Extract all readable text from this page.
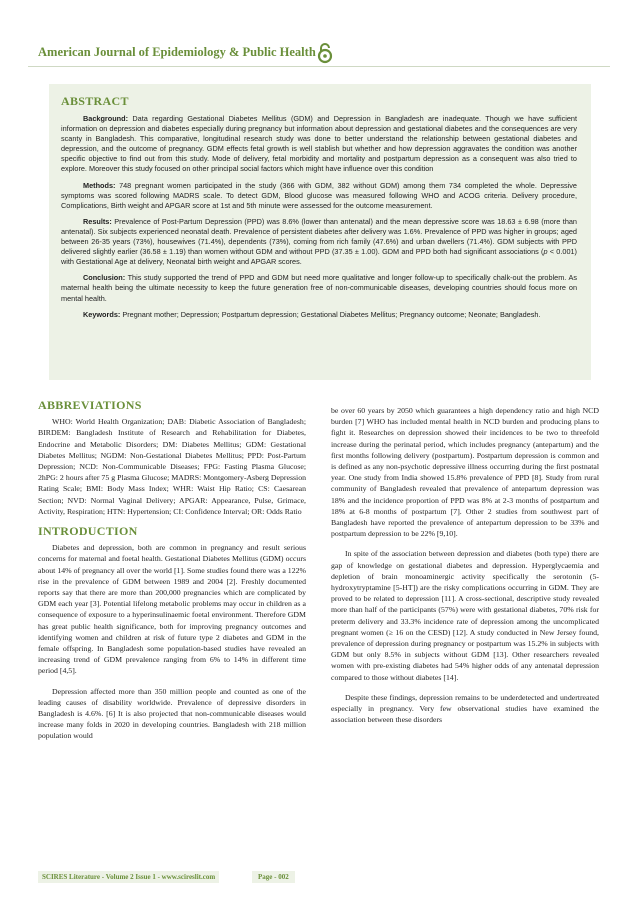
American Journal of Epidemiology & Public Health
ABSTRACT

Background: Data regarding Gestational Diabetes Mellitus (GDM) and Depression in Bangladesh are inadequate. Though we have sufficient information on depression and diabetes especially during pregnancy but information about depression and gestational diabetes and the consequences are very scanty in Bangladesh. This comparative, longitudinal research study was done to better understand the relationship between gestational diabetes and depression, and the outcome of pregnancy. GDM effects fetal growth is well stablish but whether and how depression aggravates the condition was another specific objective to find out from this study. Mode of delivery, fetal morbidity and mortality and postpartum depression as a consequent was also tried to explore. Moreover this study focused on other principal social factors which might have influence over this condition

Methods: 748 pregnant women participated in the study (366 with GDM, 382 without GDM) among them 734 completed the whole. Depressive symptoms was scored following MADRS scale. To detect GDM, Blood glucose was measured following WHO and ACOG criteria. Delivery procedure, Complications, Birth weight and APGAR score at 1st and 5th minute were assessed for the outcome measurement.

Results: Prevalence of Post-Partum Depression (PPD) was 8.6% (lower than antenatal) and the mean depressive score was 18.63 ± 6.98 (more than antenatal). Six subjects experienced neonatal death. Prevalence of persistent diabetes after delivery was 1.6%. Prevalence of PPD was higher in groups; aged between 26-35 years (73%), housewives (71.4%), dependents (73%), coming from rich family (47.6%) and urban dwellers (71.4%). GDM subjects with PPD delivered slightly earlier (36.58 ± 1.19) than women without GDM and without PPD (37.35 ± 1.00). GDM and PPD both had significant associations (p < 0.001) with Gestational Age at delivery, Neonatal birth weight and APGAR scores.

Conclusion: This study supported the trend of PPD and GDM but need more qualitative and longer follow-up to specifically chalk-out the problem. As maternal health being the ultimate necessity to keep the future generation free of non-communicable diseases, developing countries should focus more on mental health.

Keywords: Pregnant mother; Depression; Postpartum depression; Gestational Diabetes Mellitus; Pregnancy outcome; Neonate; Bangladesh.

ABBREVIATIONS

WHO: World Health Organization; DAB: Diabetic Association of Bangladesh; BIRDEM: Bangladesh Institute of Research and Rehabilitation for Diabetes, Endocrine and Metabolic Disorders; DM: Diabetes Mellitus; GDM: Gestational Diabetes Mellitus; NGDM: Non-Gestational Diabetes Mellitus; PPD: Post-Partum Depression; NCD: Non-Communicable Diseases; FPG: Fasting Plasma Glucose; 2hPG: 2 hours after 75 g Plasma Glucose; MADRS: Montgomery-Asberg Depression Rating Scale; BMI: Body Mass Index; WHR: Waist Hip Ratio; CS: Caesarean Section; NVD: Normal Vaginal Delivery; APGAR: Appearance, Pulse, Grimace, Activity, Respiration; HTN: Hypertension; CI: Confidence Interval; OR: Odds Ratio

INTRODUCTION

Diabetes and depression, both are common in pregnancy and result serious concerns for maternal and foetal health. Gestational Diabetes Mellitus (GDM) occurs about 14% of pregnancy all over the world [1]. Some studies found there was a 122% rise in the prevalence of GDM between 1989 and 2004 [2]. Freshly documented reports say that there are more than 200,000 pregnancies which are complicated by GDM each year [3]. Potential lifelong metabolic problems may occur in children as a consequence of exposure to a hyperinsulinaemic foetal environment. Therefore GDM has great public health significance, both for improving pregnancy outcomes and identifying women and children at risk of future type 2 diabetes and GDM in the female offspring. In Bangladesh some population-based studies have revealed an increasing trend of GDM prevalence ranging from 6% to 14% in different time period [4,5].

Depression affected more than 350 million people and counted as one of the leading causes of disability worldwide. Prevalence of depressive disorders in Bangladesh is 4.6%. [6] It is also projected that non-communicable diseases would increase many folds in 2020 in developing countries. Bangladesh with 218 million population would

be over 60 years by 2050 which guarantees a high dependency ratio and high NCD burden [7] WHO has included mental health in NCD burden and producing plans to fight it. Researches on depression showed their incidences to be two to threefold increase during the perinatal period, which includes pregnancy (antepartum) and the first months following delivery (postpartum). Postpartum depression is common and is defined as any non-psychotic depressive illness occurring during the first postnatal year. One study from India showed 15.8% prevalence of PPD [8]. Study from rural community of Bangladesh revealed that prevalence of antepartum depression was 18% and the incidence proportion of PPD was 8% at 2-3 months of postpartum and 18% at 6-8 months of postpartum [7]. Other 2 studies from southwest part of Bangladesh have reported the prevalence of antepartum depression to be 33% and postpartum depression to be 22% [9,10].

In spite of the association between depression and diabetes (both type) there are gap of knowledge on gestational diabetes and depression. Hyperglycaemia and depletion of brain monoaminergic activity specifically the serotonin (5-hydroxytryptamine [5-HT]) are the risky complications occurring in GDM. They are proved to be related to depression [11]. A cross-sectional, descriptive study revealed more than half of the participants (57%) were with gestational diabetes, 70% risk for preterm delivery and 33.3% incidence rate of depression among the uncomplicated pregnant women (≥ 16 on the CESD) [12]. A study conducted in New Jersey found, prevalence of depression during pregnancy or postpartum was 15.2% in subjects with GDM but only 8.5% in subjects without GDM [13]. Other researchers revealed women with pre-existing diabetes had 54% higher odds of any antenatal depression compared to those without diabetes [14].

Despite these findings, depression remains to be underdetected and undertreated especially in pregnancy. Very few observational studies have examined the association between these disorders

SCIRES Literature - Volume 2 Issue 1 - www.scireslit.com	Page - 002
